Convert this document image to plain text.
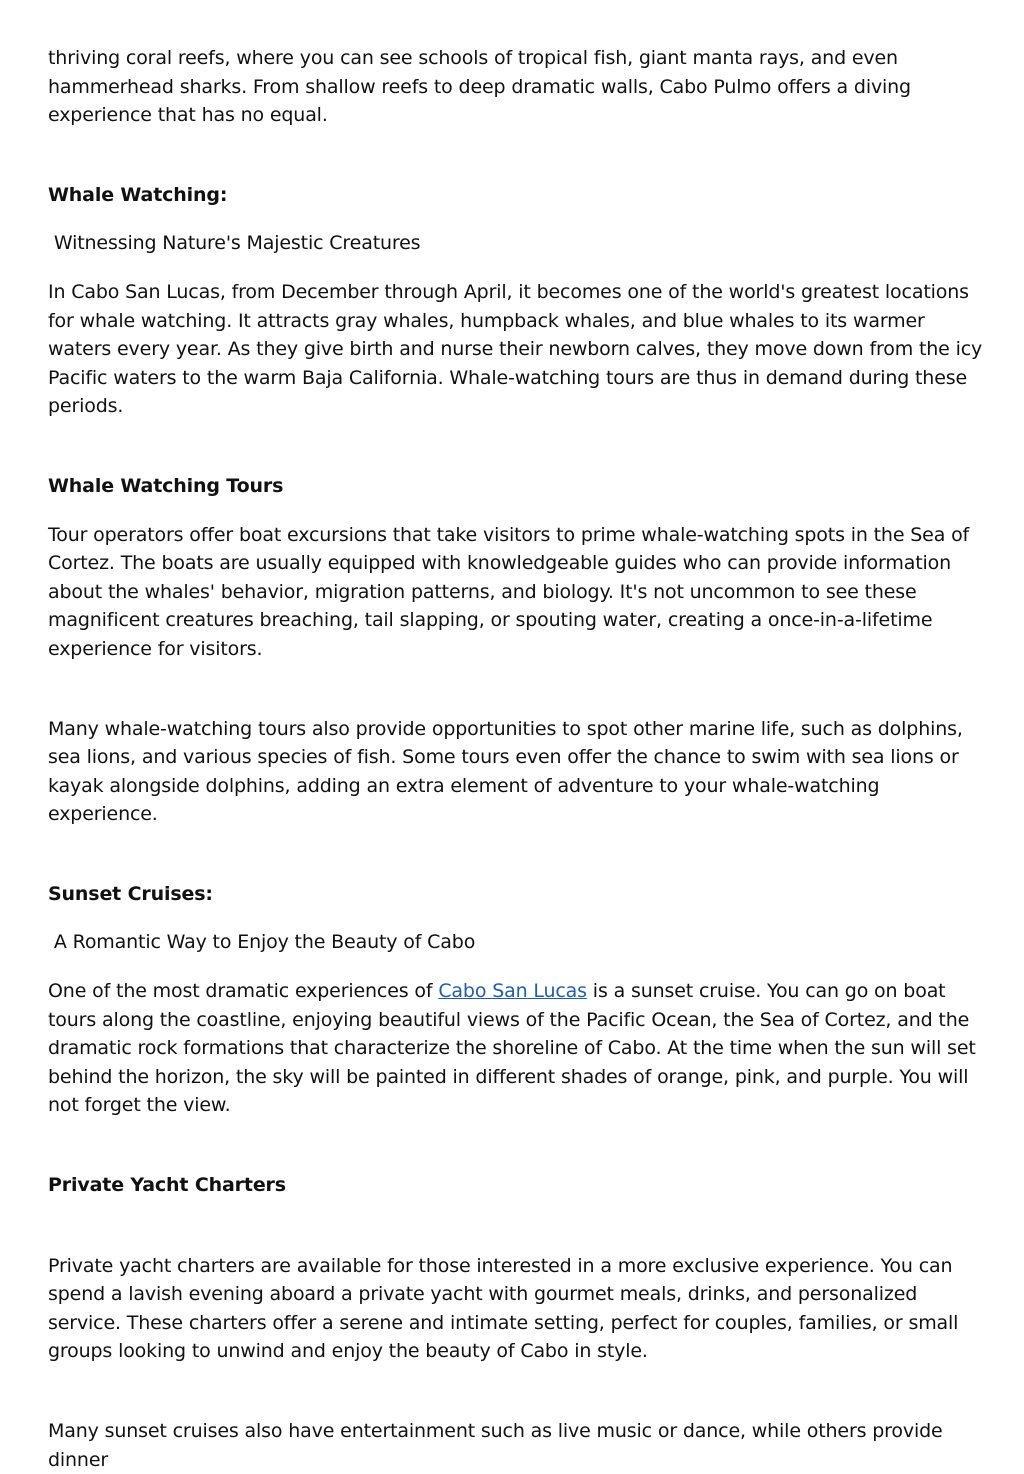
thriving coral reefs, where you can see schools of tropical fish, giant manta rays, and even hammerhead sharks. From shallow reefs to deep dramatic walls, Cabo Pulmo offers a diving experience that has no equal.

Whale Watching:

Witnessing Nature's Majestic Creatures

In Cabo San Lucas, from December through April, it becomes one of the world's greatest locations for whale watching. It attracts gray whales, humpback whales, and blue whales to its warmer waters every year. As they give birth and nurse their newborn calves, they move down from the icy Pacific waters to the warm Baja California. Whale-watching tours are thus in demand during these periods.

Whale Watching Tours

Tour operators offer boat excursions that take visitors to prime whale-watching spots in the Sea of Cortez. The boats are usually equipped with knowledgeable guides who can provide information about the whales' behavior, migration patterns, and biology. It's not uncommon to see these magnificent creatures breaching, tail slapping, or spouting water, creating a once-in-a-lifetime experience for visitors.

Many whale-watching tours also provide opportunities to spot other marine life, such as dolphins, sea lions, and various species of fish. Some tours even offer the chance to swim with sea lions or kayak alongside dolphins, adding an extra element of adventure to your whale-watching experience.

Sunset Cruises:

A Romantic Way to Enjoy the Beauty of Cabo

One of the most dramatic experiences of Cabo San Lucas is a sunset cruise. You can go on boat tours along the coastline, enjoying beautiful views of the Pacific Ocean, the Sea of Cortez, and the dramatic rock formations that characterize the shoreline of Cabo. At the time when the sun will set behind the horizon, the sky will be painted in different shades of orange, pink, and purple. You will not forget the view.

Private Yacht Charters

Private yacht charters are available for those interested in a more exclusive experience. You can spend a lavish evening aboard a private yacht with gourmet meals, drinks, and personalized service. These charters offer a serene and intimate setting, perfect for couples, families, or small groups looking to unwind and enjoy the beauty of Cabo in style.

Many sunset cruises also have entertainment such as live music or dance, while others provide dinner
